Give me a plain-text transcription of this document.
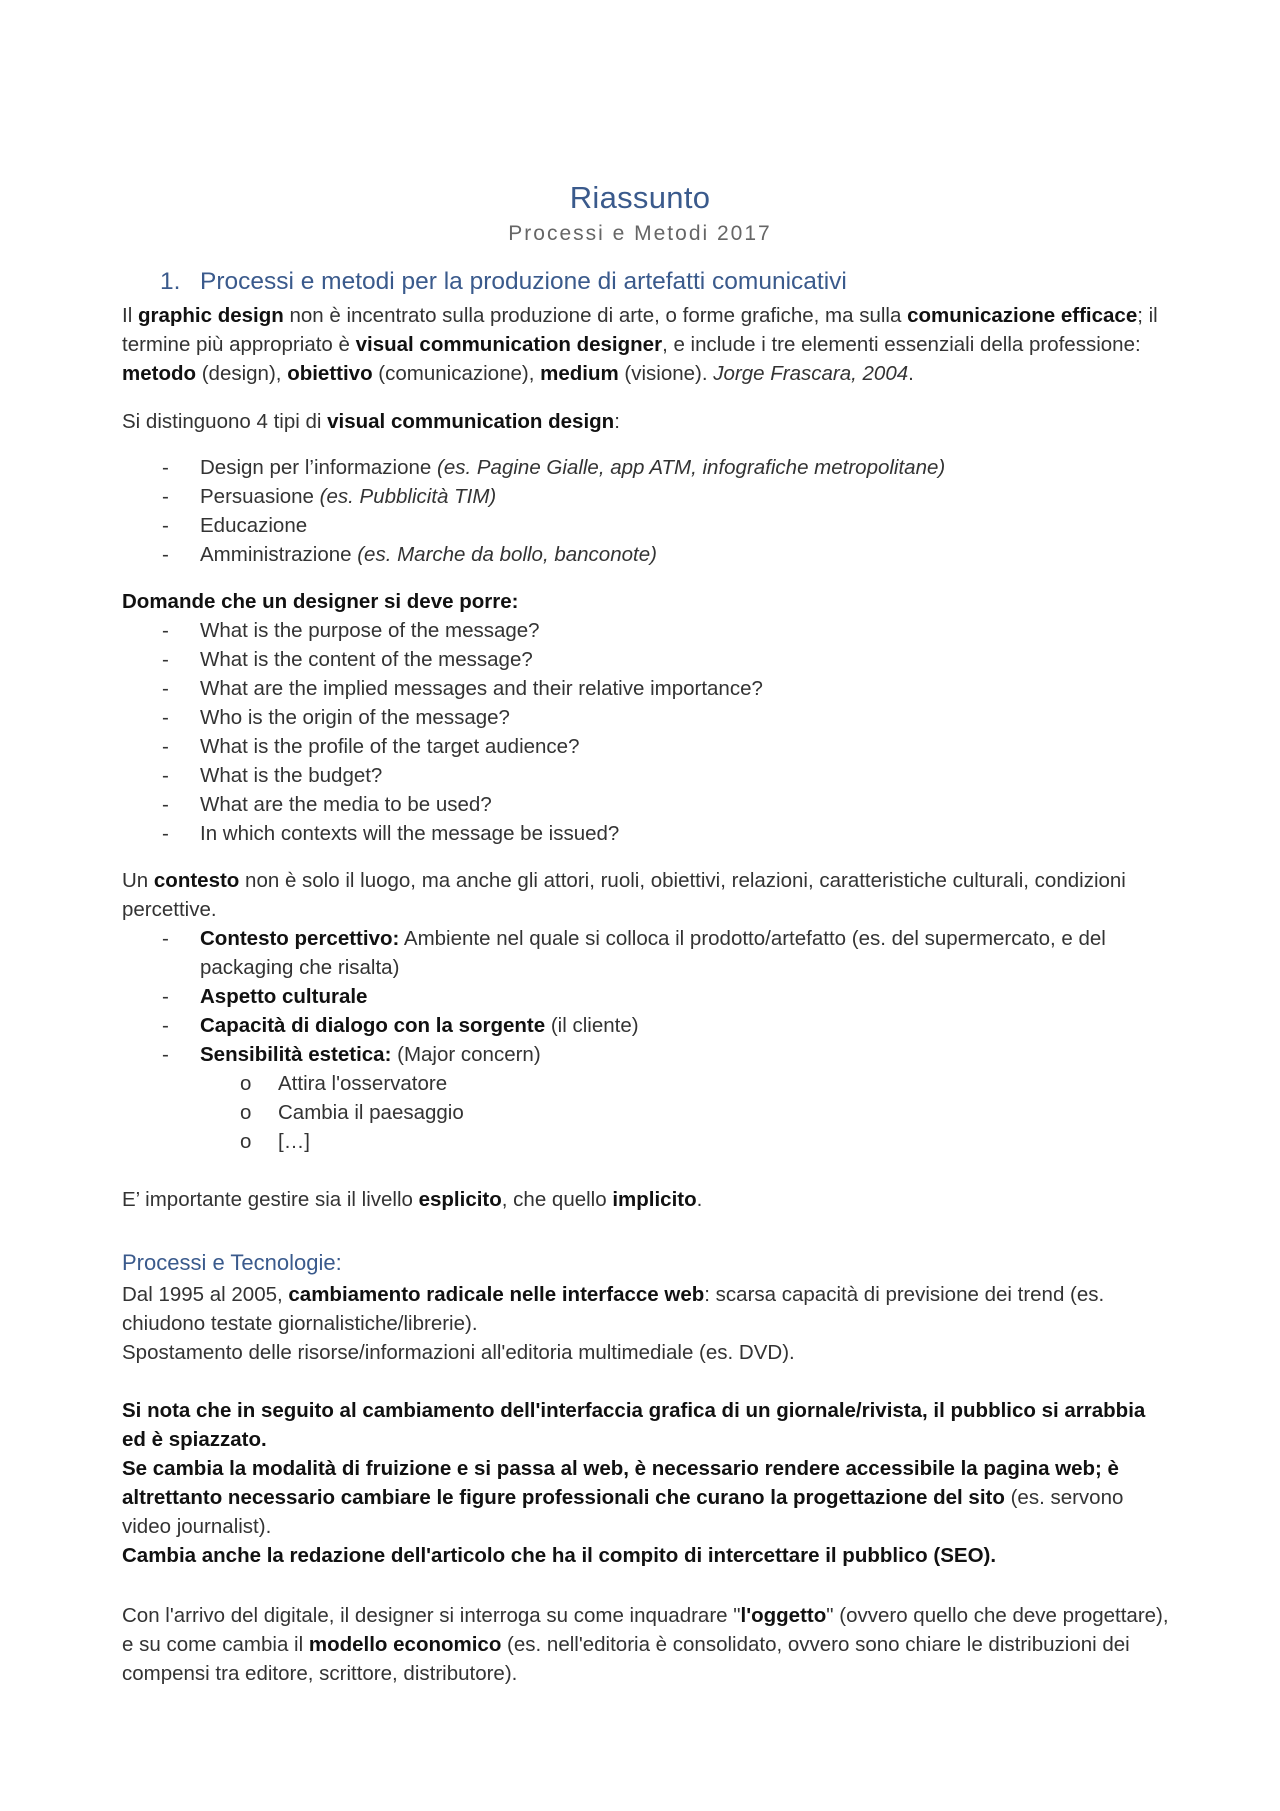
Riassunto
Processi e Metodi 2017
1. Processi e metodi per la produzione di artefatti comunicativi

Il graphic design non è incentrato sulla produzione di arte, o forme grafiche, ma sulla comunicazione efficace; il termine più appropriato è visual communication designer, e include i tre elementi essenziali della professione: metodo (design), obiettivo (comunicazione), medium (visione). Jorge Frascara, 2004.

Si distinguono 4 tipi di visual communication design:

- Design per l’informazione (es. Pagine Gialle, app ATM, infografiche metropolitane)
- Persuasione (es. Pubblicità TIM)
- Educazione
- Amministrazione (es. Marche da bollo, banconote)

Domande che un designer si deve porre:

- What is the purpose of the message?
- What is the content of the message?
- What are the implied messages and their relative importance?
- Who is the origin of the message?
- What is the profile of the target audience?
- What is the budget?
- What are the media to be used?
- In which contexts will the message be issued?

Un contesto non è solo il luogo, ma anche gli attori, ruoli, obiettivi, relazioni, caratteristiche culturali, condizioni percettive.

- Contesto percettivo: Ambiente nel quale si colloca il prodotto/artefatto (es. del supermercato, e del packaging che risalta)
- Aspetto culturale
- Capacità di dialogo con la sorgente (il cliente)
- Sensibilità estetica: (Major concern)
o Attira l'osservatore
o Cambia il paesaggio
o […]

E’ importante gestire sia il livello esplicito, che quello implicito.

Processi e Tecnologie:

Dal 1995 al 2005, cambiamento radicale nelle interfacce web: scarsa capacità di previsione dei trend (es. chiudono testate giornalistiche/librerie).

Spostamento delle risorse/informazioni all'editoria multimediale (es. DVD).

Si nota che in seguito al cambiamento dell'interfaccia grafica di un giornale/rivista, il pubblico si arrabbia ed è spiazzato.

Se cambia la modalità di fruizione e si passa al web, è necessario rendere accessibile la pagina web; è altrettanto necessario cambiare le figure professionali che curano la progettazione del sito (es. servono video journalist).

Cambia anche la redazione dell'articolo che ha il compito di intercettare il pubblico (SEO).

Con l'arrivo del digitale, il designer si interroga su come inquadrare "l'oggetto" (ovvero quello che deve progettare), e su come cambia il modello economico (es. nell'editoria è consolidato, ovvero sono chiare le distribuzioni dei compensi tra editore, scrittore, distributore).
